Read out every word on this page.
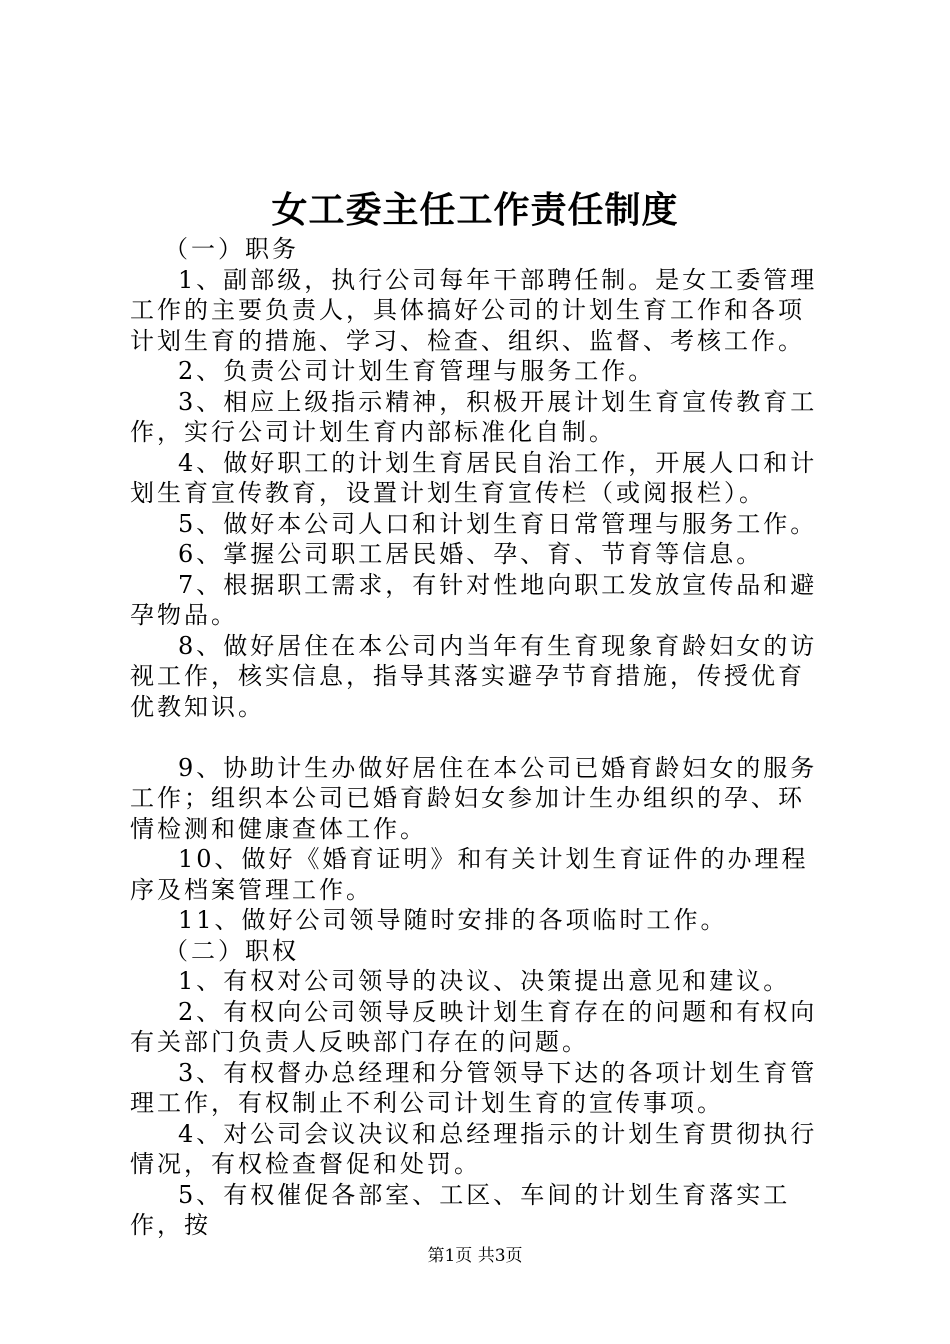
女工委主任工作责任制度

（一）职务

1、副部级，执行公司每年干部聘任制。是女工委管理工作的主要负责人，具体搞好公司的计划生育工作和各项计划生育的措施、学习、检查、组织、监督、考核工作。

2、负责公司计划生育管理与服务工作。

3、相应上级指示精神，积极开展计划生育宣传教育工作，实行公司计划生育内部标准化自制。

4、做好职工的计划生育居民自治工作，开展人口和计划生育宣传教育，设置计划生育宣传栏（或阅报栏）。

5、做好本公司人口和计划生育日常管理与服务工作。

6、掌握公司职工居民婚、孕、育、节育等信息。

7、根据职工需求，有针对性地向职工发放宣传品和避孕物品。

8、做好居住在本公司内当年有生育现象育龄妇女的访视工作，核实信息，指导其落实避孕节育措施，传授优育优教知识。

9、协助计生办做好居住在本公司已婚育龄妇女的服务工作；组织本公司已婚育龄妇女参加计生办组织的孕、环情检测和健康查体工作。

10、做好《婚育证明》和有关计划生育证件的办理程序及档案管理工作。

11、做好公司领导随时安排的各项临时工作。

（二）职权

1、有权对公司领导的决议、决策提出意见和建议。

2、有权向公司领导反映计划生育存在的问题和有权向有关部门负责人反映部门存在的问题。

3、有权督办总经理和分管领导下达的各项计划生育管理工作，有权制止不利公司计划生育的宣传事项。

4、对公司会议决议和总经理指示的计划生育贯彻执行情况，有权检查督促和处罚。

5、有权催促各部室、工区、车间的计划生育落实工作，按

第1页 共3页
